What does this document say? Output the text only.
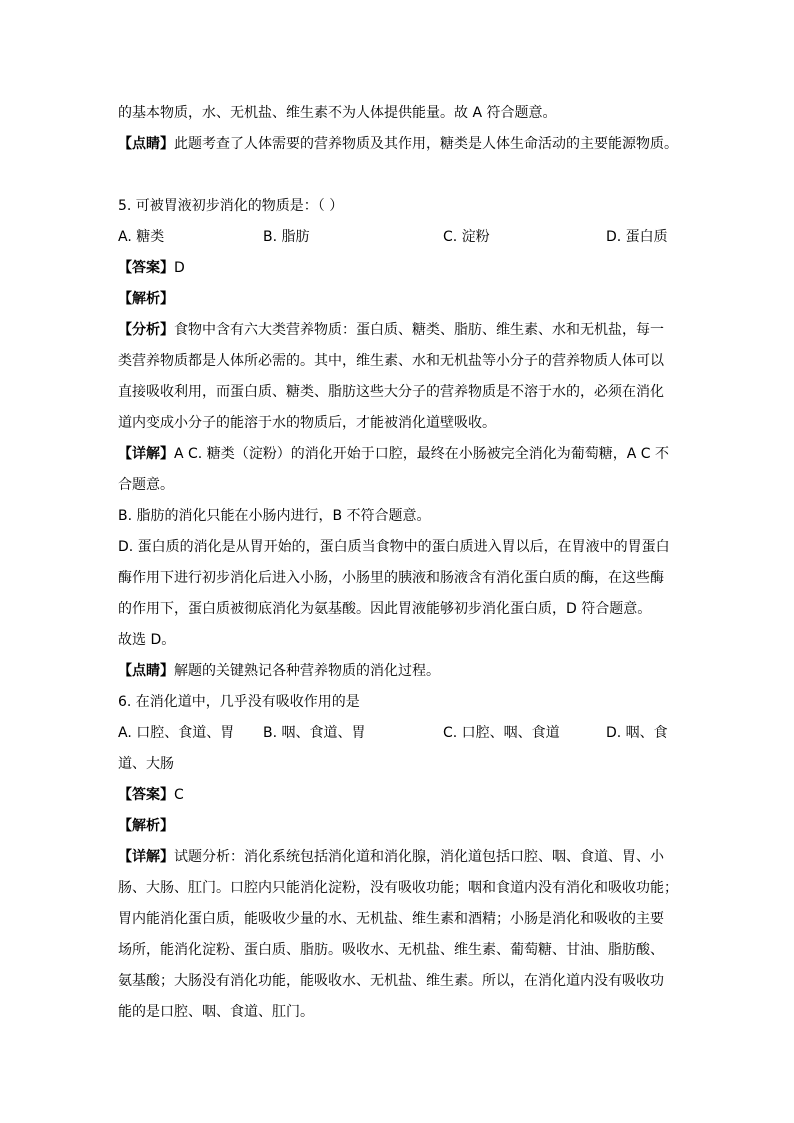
的基本物质，水、无机盐、维生素不为人体提供能量。故 A 符合题意。
【点睛】此题考查了人体需要的营养物质及其作用，糖类是人体生命活动的主要能源物质。
5. 可被胃液初步消化的物质是：（ ）
【答案】D
【解析】
【分析】食物中含有六大类营养物质：蛋白质、糖类、脂肪、维生素、水和无机盐，每一
类营养物质都是人体所必需的。其中，维生素、水和无机盐等小分子的营养物质人体可以
直接吸收利用，而蛋白质、糖类、脂肪这些大分子的营养物质是不溶于水的，必须在消化
道内变成小分子的能溶于水的物质后，才能被消化道壁吸收。
【详解】A C. 糖类（淀粉）的消化开始于口腔，最终在小肠被完全消化为葡萄糖，A C 不
合题意。
B. 脂肪的消化只能在小肠内进行，B 不符合题意。
D. 蛋白质的消化是从胃开始的，蛋白质当食物中的蛋白质进入胃以后，在胃液中的胃蛋白
酶作用下进行初步消化后进入小肠，小肠里的胰液和肠液含有消化蛋白质的酶，在这些酶
的作用下，蛋白质被彻底消化为氨基酸。因此胃液能够初步消化蛋白质，D 符合题意。
故选 D。
【点睛】解题的关键熟记各种营养物质的消化过程。
6. 在消化道中，几乎没有吸收作用的是
道、大肠
【答案】C
【解析】
【详解】试题分析：消化系统包括消化道和消化腺，消化道包括口腔、咽、食道、胃、小
肠、大肠、肛门。口腔内只能消化淀粉，没有吸收功能；咽和食道内没有消化和吸收功能；
胃内能消化蛋白质，能吸收少量的水、无机盐、维生素和酒精；小肠是消化和吸收的主要
场所，能消化淀粉、蛋白质、脂肪。吸收水、无机盐、维生素、葡萄糖、甘油、脂肪酸、
氨基酸；大肠没有消化功能，能吸收水、无机盐、维生素。所以，在消化道内没有吸收功
能的是口腔、咽、食道、肛门。
A. 糖类	B. 脂肪	C. 淀粉	D. 蛋白质
A. 口腔、食道、胃 B. 咽、食道、胃	C. 口腔、咽、食道	D. 咽、食
